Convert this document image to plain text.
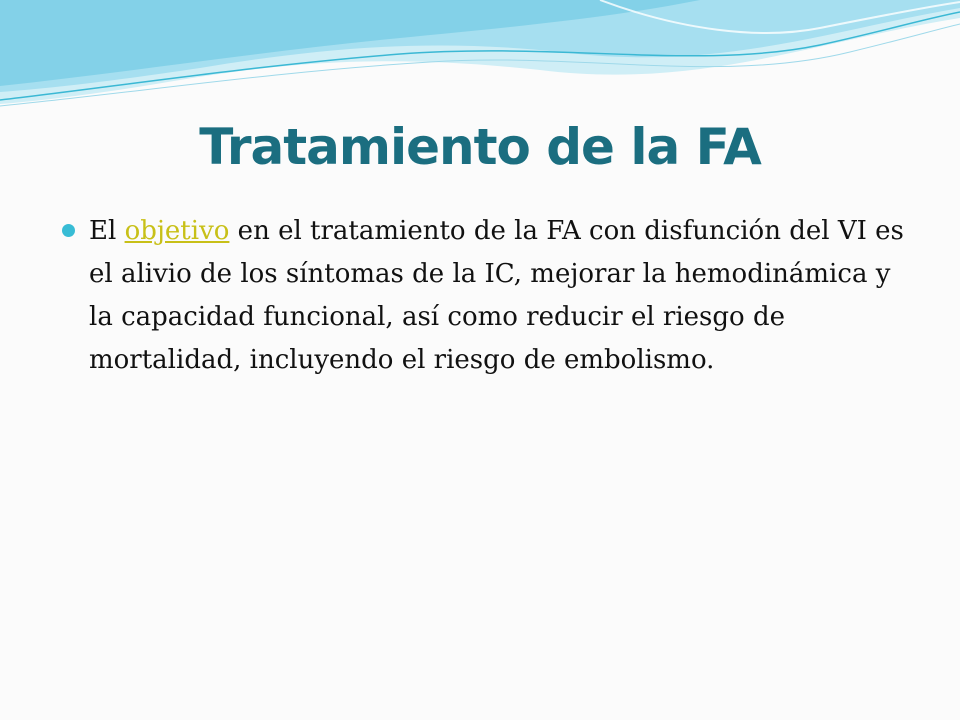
Tratamiento de la FA

El objetivo en el tratamiento de la FA con disfunción del VI es el alivio de los síntomas de la IC, mejorar la hemodinámica y la capacidad funcional, así como reducir el riesgo de mortalidad, incluyendo el riesgo de embolismo.
